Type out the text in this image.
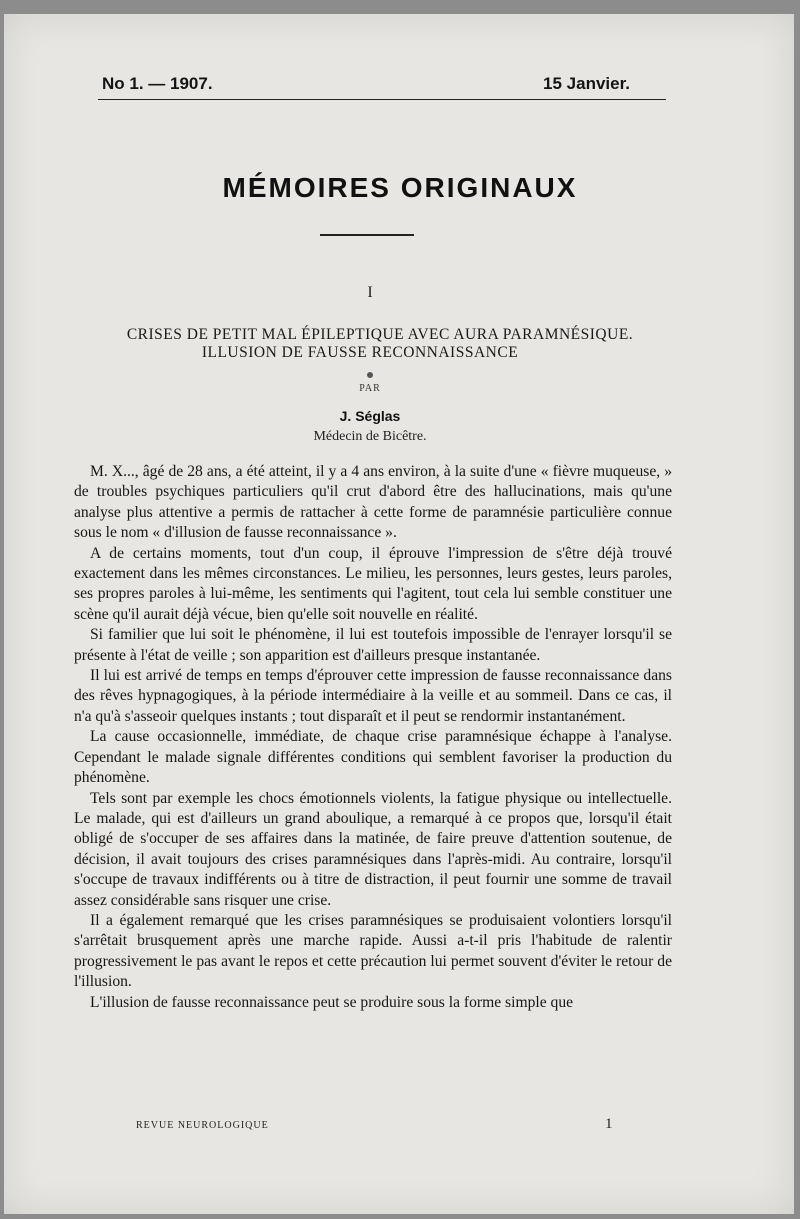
No 1. — 1907.	15 Janvier.
MÉMOIRES ORIGINAUX
I
CRISES DE PETIT MAL ÉPILEPTIQUE AVEC AURA PARAMNÉSIQUE.
ILLUSION DE FAUSSE RECONNAISSANCE
PAR
J. Séglas
Médecin de Bicêtre.

M. X..., âgé de 28 ans, a été atteint, il y a 4 ans environ, à la suite d'une « fièvre muqueuse, » de troubles psychiques particuliers qu'il crut d'abord être des hallucinations, mais qu'une analyse plus attentive a permis de rattacher à cette forme de paramnésie particulière connue sous le nom « d'illusion de fausse reconnaissance ».

A de certains moments, tout d'un coup, il éprouve l'impression de s'être déjà trouvé exactement dans les mêmes circonstances. Le milieu, les personnes, leurs gestes, leurs paroles, ses propres paroles à lui-même, les sentiments qui l'agitent, tout cela lui semble constituer une scène qu'il aurait déjà vécue, bien qu'elle soit nouvelle en réalité.

Si familier que lui soit le phénomène, il lui est toutefois impossible de l'enrayer lorsqu'il se présente à l'état de veille ; son apparition est d'ailleurs presque instantanée.

Il lui est arrivé de temps en temps d'éprouver cette impression de fausse reconnaissance dans des rêves hypnagogiques, à la période intermédiaire à la veille et au sommeil. Dans ce cas, il n'a qu'à s'asseoir quelques instants ; tout disparaît et il peut se rendormir instantanément.

La cause occasionnelle, immédiate, de chaque crise paramnésique échappe à l'analyse. Cependant le malade signale différentes conditions qui semblent favoriser la production du phénomène.

Tels sont par exemple les chocs émotionnels violents, la fatigue physique ou intellectuelle. Le malade, qui est d'ailleurs un grand aboulique, a remarqué à ce propos que, lorsqu'il était obligé de s'occuper de ses affaires dans la matinée, de faire preuve d'attention soutenue, de décision, il avait toujours des crises paramnésiques dans l'après-midi. Au contraire, lorsqu'il s'occupe de travaux indifférents ou à titre de distraction, il peut fournir une somme de travail assez considérable sans risquer une crise.

Il a également remarqué que les crises paramnésiques se produisaient volontiers lorsqu'il s'arrêtait brusquement après une marche rapide. Aussi a-t-il pris l'habitude de ralentir progressivement le pas avant le repos et cette précaution lui permet souvent d'éviter le retour de l'illusion.

L'illusion de fausse reconnaissance peut se produire sous la forme simple que

REVUE NEUROLOGIQUE	1
